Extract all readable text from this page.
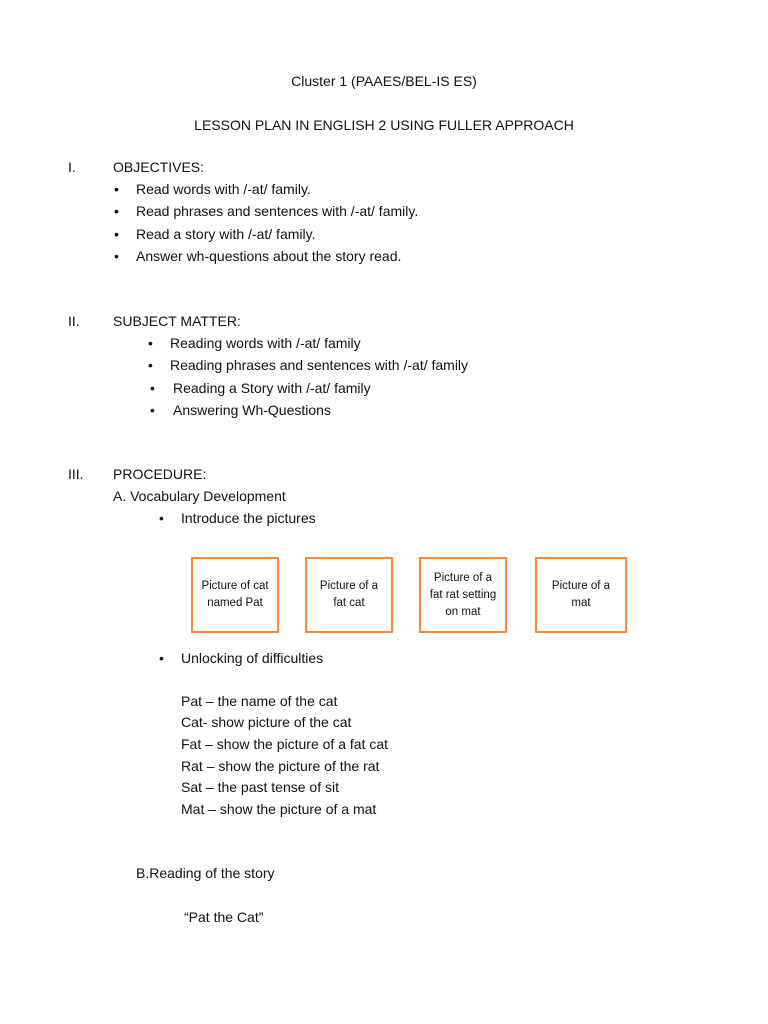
Cluster 1 (PAAES/BEL-IS ES)
LESSON PLAN IN ENGLISH 2 USING FULLER APPROACH
I.	OBJECTIVES:
• Read words with /-at/ family.
• Read phrases and sentences with /-at/ family.
• Read a story with /-at/ family.
• Answer wh-questions about the story read.
II. SUBJECT MATTER:
• Reading words with /-at/ family
• Reading phrases and sentences with /-at/ family
• Reading a Story with /-at/ family
• Answering Wh-Questions
III. PROCEDURE:
A. Vocabulary Development
• Introduce the pictures
Picture of cat named Pat
Picture of a fat cat
Picture of a fat rat setting on mat
Picture of a mat
• Unlocking of difficulties
Pat – the name of the cat
Cat- show picture of the cat
Fat – show the picture of a fat cat
Rat – show the picture of the rat
Sat – the past tense of sit
Mat – show the picture of a mat
B.Reading of the story
“Pat the Cat”
